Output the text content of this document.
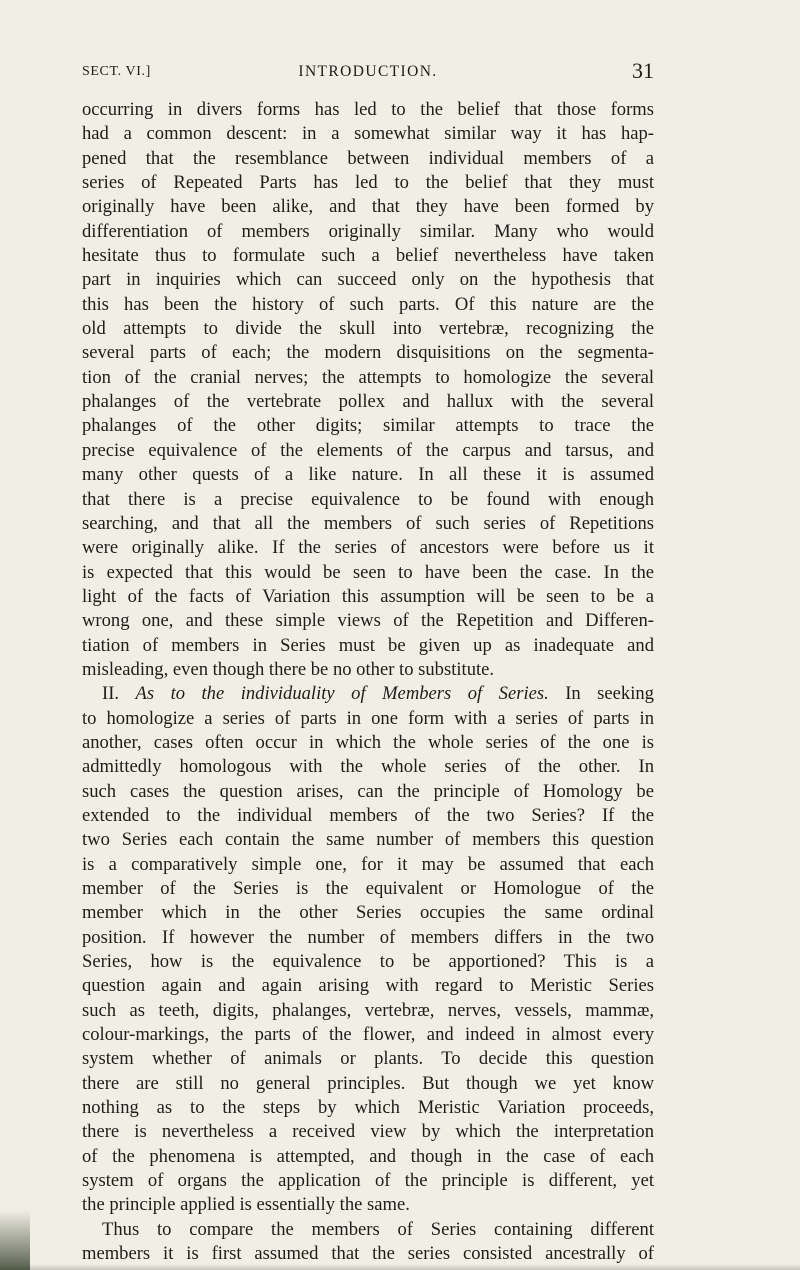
SECT. VI.]	INTRODUCTION.	31
occurring in divers forms has led to the belief that those forms
had a common descent: in a somewhat similar way it has hap-
pened that the resemblance between individual members of a
series of Repeated Parts has led to the belief that they must
originally have been alike, and that they have been formed by
differentiation of members originally similar. Many who would
hesitate thus to formulate such a belief nevertheless have taken
part in inquiries which can succeed only on the hypothesis that
this has been the history of such parts. Of this nature are the
old attempts to divide the skull into vertebræ, recognizing the
several parts of each; the modern disquisitions on the segmenta-
tion of the cranial nerves; the attempts to homologize the several
phalanges of the vertebrate pollex and hallux with the several
phalanges of the other digits; similar attempts to trace the
precise equivalence of the elements of the carpus and tarsus, and
many other quests of a like nature. In all these it is assumed
that there is a precise equivalence to be found with enough
searching, and that all the members of such series of Repetitions
were originally alike. If the series of ancestors were before us it
is expected that this would be seen to have been the case. In the
light of the facts of Variation this assumption will be seen to be a
wrong one, and these simple views of the Repetition and Differen-
tiation of members in Series must be given up as inadequate and
misleading, even though there be no other to substitute.
II. As to the individuality of Members of Series. In seeking
to homologize a series of parts in one form with a series of parts in
another, cases often occur in which the whole series of the one is
admittedly homologous with the whole series of the other. In
such cases the question arises, can the principle of Homology be
extended to the individual members of the two Series? If the
two Series each contain the same number of members this question
is a comparatively simple one, for it may be assumed that each
member of the Series is the equivalent or Homologue of the
member which in the other Series occupies the same ordinal
position. If however the number of members differs in the two
Series, how is the equivalence to be apportioned? This is a
question again and again arising with regard to Meristic Series
such as teeth, digits, phalanges, vertebræ, nerves, vessels, mammæ,
colour-markings, the parts of the flower, and indeed in almost every
system whether of animals or plants. To decide this question
there are still no general principles. But though we yet know
nothing as to the steps by which Meristic Variation proceeds,
there is nevertheless a received view by which the interpretation
of the phenomena is attempted, and though in the case of each
system of organs the application of the principle is different, yet
the principle applied is essentially the same.
Thus to compare the members of Series containing different
members it is first assumed that the series consisted ancestrally of
